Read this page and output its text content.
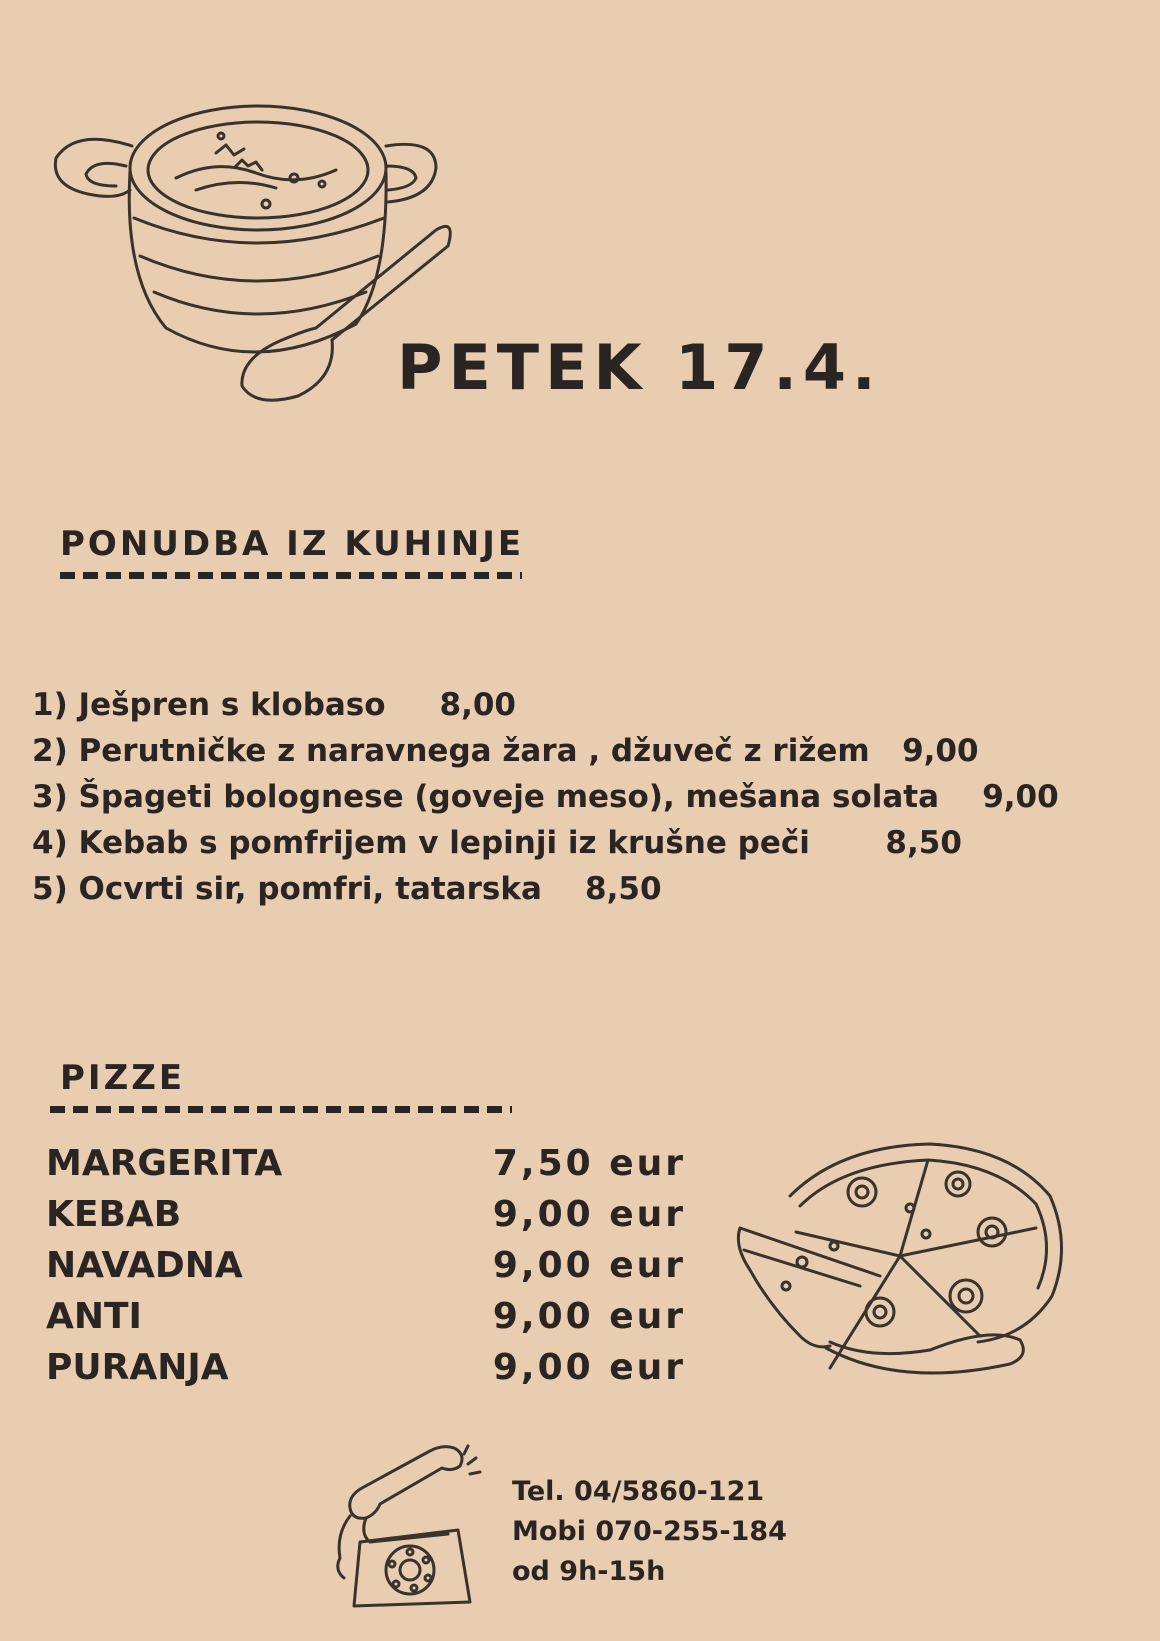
PETEK 17.4.
PONUDBA IZ KUHINJE
1) Ješpren s klobaso     8,00
2) Perutničke z naravnega žara , džuveč z rižem   9,00
3) Špageti bolognese (goveje meso), mešana solata    9,00
4) Kebab s pomfrijem v lepinji iz krušne peči       8,50
5) Ocvrti sir, pomfri, tatarska    8,50
PIZZE
MARGERITA	7,50 eur
KEBAB	9,00 eur
NAVADNA	9,00 eur
ANTI	9,00 eur
PURANJA	9,00 eur
Tel. 04/5860-121
Mobi 070-255-184
od 9h-15h
